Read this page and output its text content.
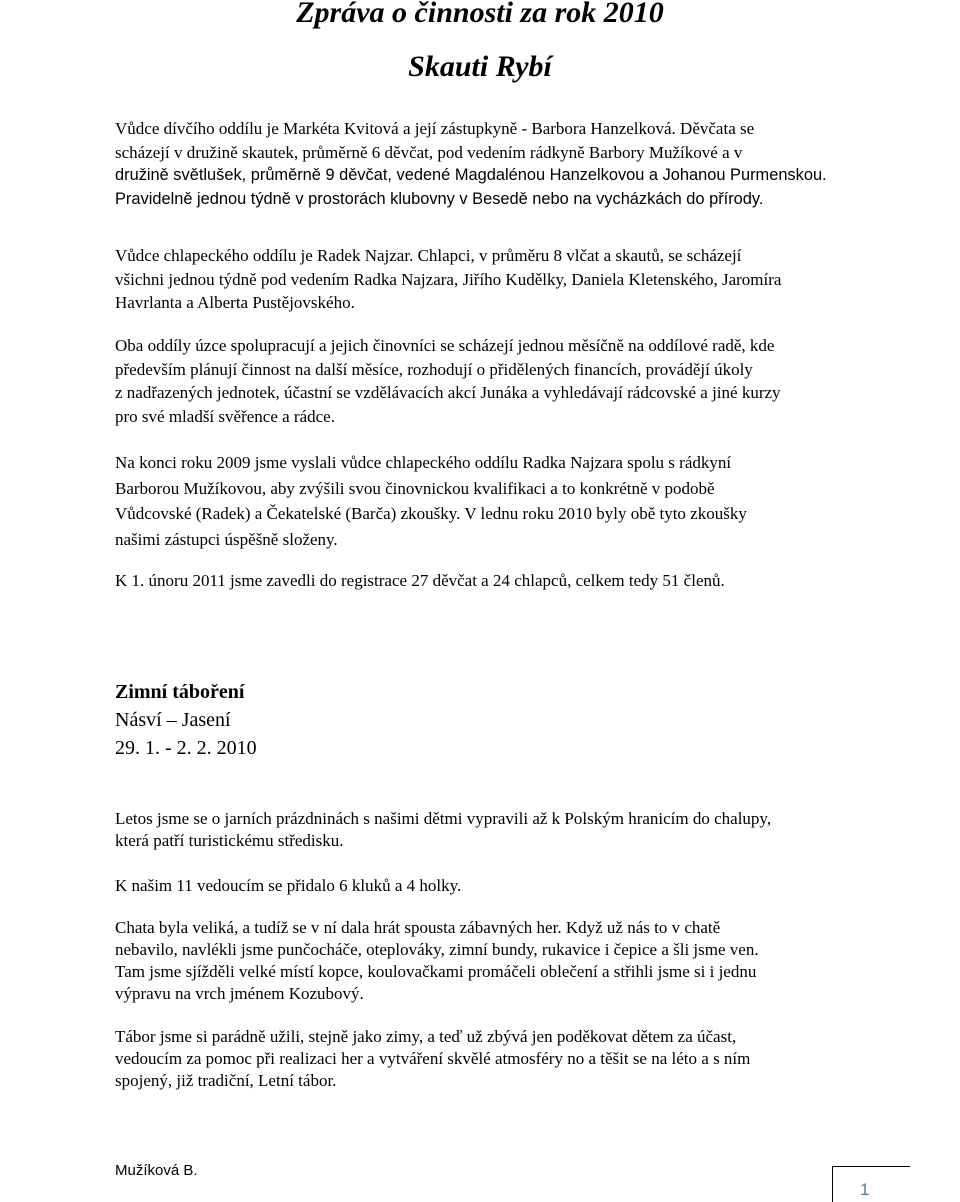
Zpráva o činnosti za rok 2010
Skauti Rybí

Vůdce dívčího oddílu je Markéta Kvitová a její zástupkyně - Barbora Hanzelková. Děvčata se
scházejí v družině skautek, průměrně 6 děvčat, pod vedením rádkyně Barbory Mužíkové a v
družině světlušek, průměrně 9 děvčat, vedené Magdalénou Hanzelkovou a Johanou Purmenskou.
Pravidelně jednou týdně v prostorách klubovny v Besedě nebo na vycházkách do přírody.

Vůdce chlapeckého oddílu je Radek Najzar. Chlapci, v průměru 8 vlčat a skautů, se scházejí
všichni jednou týdně pod vedením Radka Najzara, Jiřího Kudělky, Daniela Kletenského, Jaromíra
Havrlanta a Alberta Pustějovského.

Oba oddíly úzce spolupracují a jejich činovníci se scházejí jednou měsíčně na oddílové radě, kde
především plánují činnost na další měsíce, rozhodují o přidělených financích, provádějí úkoly
z nadřazených jednotek, účastní se vzdělávacích akcí Junáka a vyhledávají rádcovské a jiné kurzy
pro své mladší svěřence a rádce.

Na konci roku 2009 jsme vyslali vůdce chlapeckého oddílu Radka Najzara spolu s rádkyní
Barborou Mužíkovou, aby zvýšili svou činovnickou kvalifikaci a to konkrétně v podobě
Vůdcovské (Radek) a Čekatelské (Barča) zkoušky. V lednu roku 2010 byly obě tyto zkoušky
našimi zástupci úspěšně složeny.

K 1. únoru 2011 jsme zavedli do registrace 27 děvčat a 24 chlapců, celkem tedy 51 členů.

Zimní táboření
Násví – Jasení
29. 1. - 2. 2. 2010

Letos jsme se o jarních prázdninách s našimi dětmi vypravili až k Polským hranicím do chalupy,
která patří turistickému středisku.

K našim 11 vedoucím se přidalo 6 kluků a 4 holky.

Chata byla veliká, a tudíž se v ní dala hrát spousta zábavných her. Když už nás to v chatě
nebavilo, navlékli jsme punčocháče, oteplováky, zimní bundy, rukavice i čepice a šli jsme ven.
Tam jsme sjížděli velké místí kopce, koulovačkami promáčeli oblečení a střihli jsme si i jednu
výpravu na vrch jménem Kozubový.

Tábor jsme si parádně užili, stejně jako zimy, a teď už zbývá jen poděkovat dětem za účast,
vedoucím za pomoc při realizaci her a vytváření skvělé atmosféry no a těšit se na léto a s ním
spojený, již tradiční, Letní tábor.

Mužíková B.
1
